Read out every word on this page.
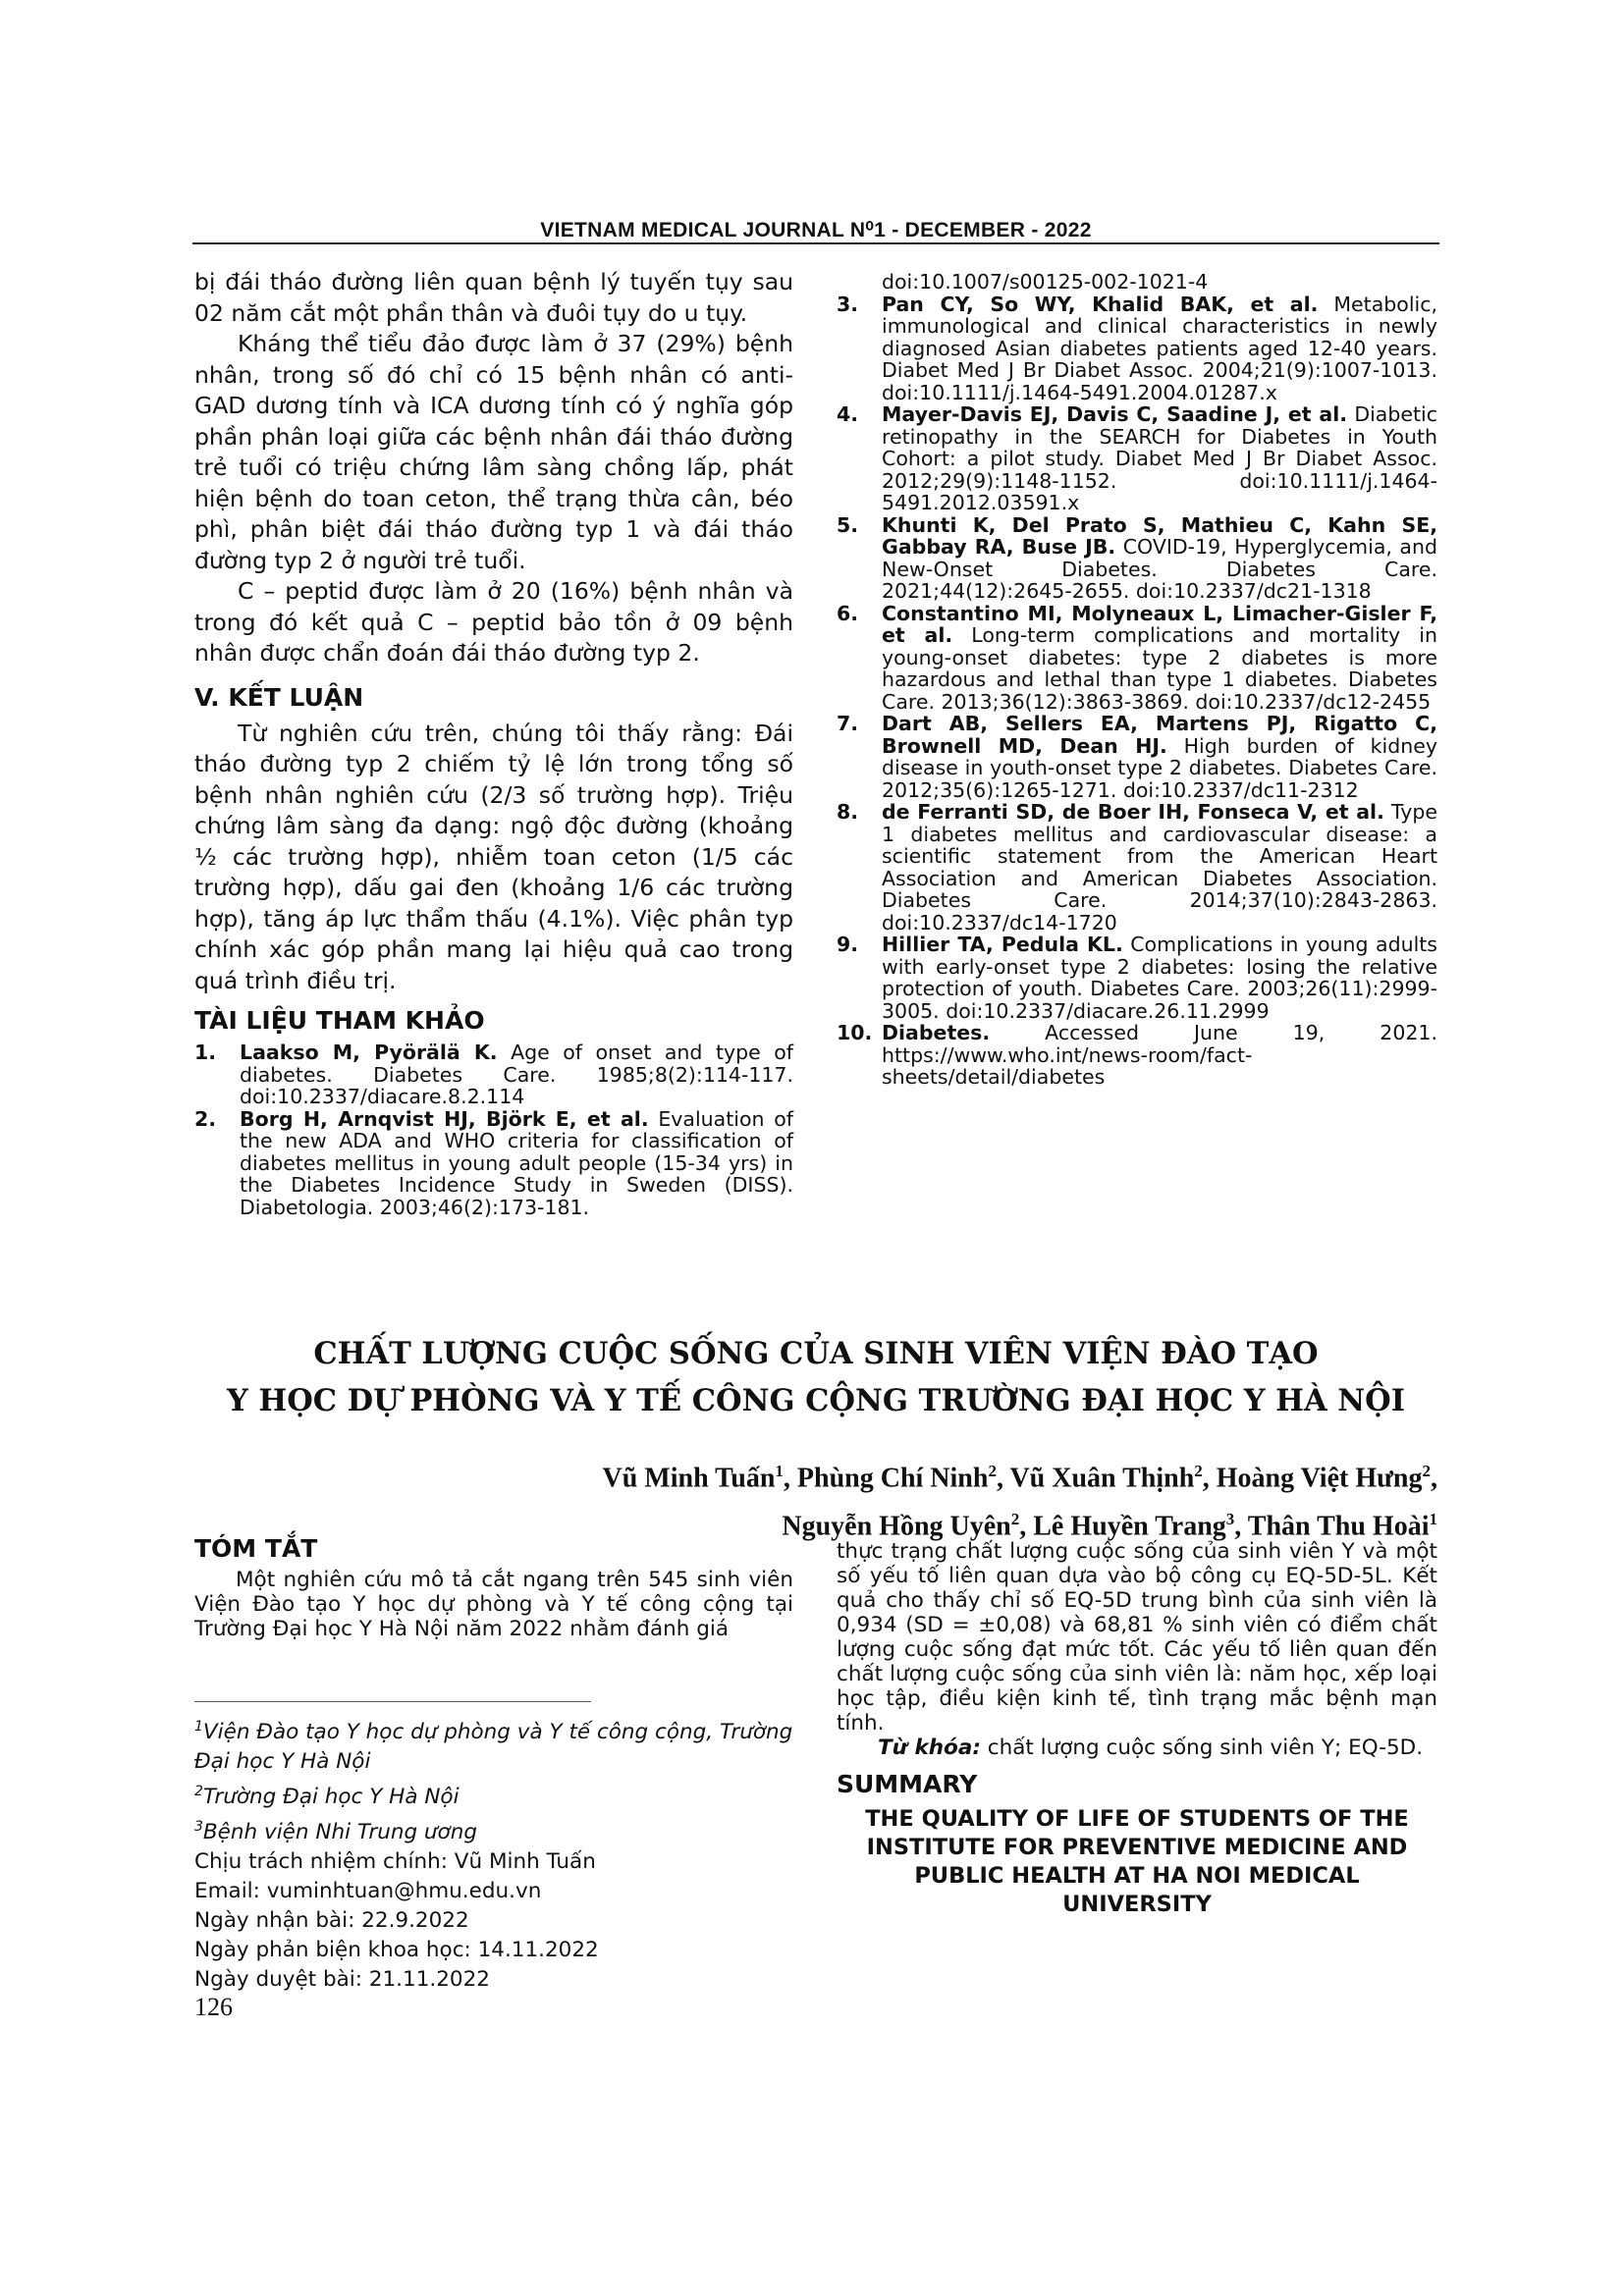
VIETNAM MEDICAL JOURNAL N⁰1 - DECEMBER - 2022

bị đái tháo đường liên quan bệnh lý tuyến tụy sau 02 năm cắt một phần thân và đuôi tụy do u tụy.

Kháng thể tiểu đảo được làm ở 37 (29%) bệnh nhân, trong số đó chỉ có 15 bệnh nhân có anti- GAD dương tính và ICA dương tính có ý nghĩa góp phần phân loại giữa các bệnh nhân đái tháo đường trẻ tuổi có triệu chứng lâm sàng chồng lấp, phát hiện bệnh do toan ceton, thể trạng thừa cân, béo phì, phân biệt đái tháo đường typ 1 và đái tháo đường typ 2 ở người trẻ tuổi.

C – peptid được làm ở 20 (16%) bệnh nhân và trong đó kết quả C – peptid bảo tồn ở 09 bệnh nhân được chẩn đoán đái tháo đường typ 2.

V. KẾT LUẬN

Từ nghiên cứu trên, chúng tôi thấy rằng: Đái tháo đường typ 2 chiếm tỷ lệ lớn trong tổng số bệnh nhân nghiên cứu (2/3 số trường hợp). Triệu chứng lâm sàng đa dạng: ngộ độc đường (khoảng ½ các trường hợp), nhiễm toan ceton (1/5 các trường hợp), dấu gai đen (khoảng 1/6 các trường hợp), tăng áp lực thẩm thấu (4.1%). Việc phân typ chính xác góp phần mang lại hiệu quả cao trong quá trình điều trị.

TÀI LIỆU THAM KHẢO
1.	Laakso M, Pyörälä K. Age of onset and type of diabetes. Diabetes Care. 1985;8(2):114-117. doi:10.2337/diacare.8.2.114
2.	Borg H, Arnqvist HJ, Björk E, et al. Evaluation of the new ADA and WHO criteria for classification of diabetes mellitus in young adult people (15-34 yrs) in the Diabetes Incidence Study in Sweden (DISS). Diabetologia. 2003;46(2):173-181.
doi:10.1007/s00125-002-1021-4
3.	Pan CY, So WY, Khalid BAK, et al. Metabolic, immunological and clinical characteristics in newly diagnosed Asian diabetes patients aged 12-40 years. Diabet Med J Br Diabet Assoc. 2004;21(9):1007-1013. doi:10.1111/j.1464-5491.2004.01287.x
4.	Mayer-Davis EJ, Davis C, Saadine J, et al. Diabetic retinopathy in the SEARCH for Diabetes in Youth Cohort: a pilot study. Diabet Med J Br Diabet Assoc. 2012;29(9):1148-1152. doi:10.1111/j.1464-5491.2012.03591.x
5.	Khunti K, Del Prato S, Mathieu C, Kahn SE, Gabbay RA, Buse JB. COVID-19, Hyperglycemia, and New-Onset Diabetes. Diabetes Care. 2021;44(12):2645-2655. doi:10.2337/dc21-1318
6.	Constantino MI, Molyneaux L, Limacher-Gisler F, et al. Long-term complications and mortality in young-onset diabetes: type 2 diabetes is more hazardous and lethal than type 1 diabetes. Diabetes Care. 2013;36(12):3863-3869. doi:10.2337/dc12-2455
7.	Dart AB, Sellers EA, Martens PJ, Rigatto C, Brownell MD, Dean HJ. High burden of kidney disease in youth-onset type 2 diabetes. Diabetes Care. 2012;35(6):1265-1271. doi:10.2337/dc11-2312
8.	de Ferranti SD, de Boer IH, Fonseca V, et al. Type 1 diabetes mellitus and cardiovascular disease: a scientific statement from the American Heart Association and American Diabetes Association. Diabetes Care. 2014;37(10):2843-2863. doi:10.2337/dc14-1720
9.	Hillier TA, Pedula KL. Complications in young adults with early-onset type 2 diabetes: losing the relative protection of youth. Diabetes Care. 2003;26(11):2999-3005. doi:10.2337/diacare.26.11.2999
10. Diabetes. Accessed June 19, 2021. https://www.who.int/news-room/fact-sheets/detail/diabetes
CHẤT LƯỢNG CUỘC SỐNG CỦA SINH VIÊN VIỆN ĐÀO TẠO
Y HỌC DỰ PHÒNG VÀ Y TẾ CÔNG CỘNG TRƯỜNG ĐẠI HỌC Y HÀ NỘI
Vũ Minh Tuấn$^1$, Phùng Chí Ninh$^2$, Vũ Xuân Thịnh$^2$, Hoàng Việt Hưng$^2$,
Nguyễn Hồng Uyên$^2$, Lê Huyền Trang$^3$, Thân Thu Hoài$^1$
TÓM TẮT

Một nghiên cứu mô tả cắt ngang trên 545 sinh viên Viện Đào tạo Y học dự phòng và Y tế công cộng tại Trường Đại học Y Hà Nội năm 2022 nhằm đánh giá

thực trạng chất lượng cuộc sống của sinh viên Y và một số yếu tố liên quan dựa vào bộ công cụ EQ-5D-5L. Kết quả cho thấy chỉ số EQ-5D trung bình của sinh viên là 0,934 (SD = ±0,08) và 68,81 % sinh viên có điểm chất lượng cuộc sống đạt mức tốt. Các yếu tố liên quan đến chất lượng cuộc sống của sinh viên là: năm học, xếp loại học tập, điều kiện kinh tế, tình trạng mắc bệnh mạn tính.

Từ khóa: chất lượng cuộc sống sinh viên Y; EQ-5D.

SUMMARY
THE QUALITY OF LIFE OF STUDENTS OF THE INSTITUTE FOR PREVENTIVE MEDICINE AND PUBLIC HEALTH AT HA NOI MEDICAL UNIVERSITY
$^1$Viện Đào tạo Y học dự phòng và Y tế công cộng, Trường Đại học Y Hà Nội
$^2$Trường Đại học Y Hà Nội
$^3$Bệnh viện Nhi Trung ương
Chịu trách nhiệm chính: Vũ Minh Tuấn
Email: vuminhtuan@hmu.edu.vn
Ngày nhận bài: 22.9.2022
Ngày phản biện khoa học: 14.11.2022
Ngày duyệt bài: 21.11.2022
126
